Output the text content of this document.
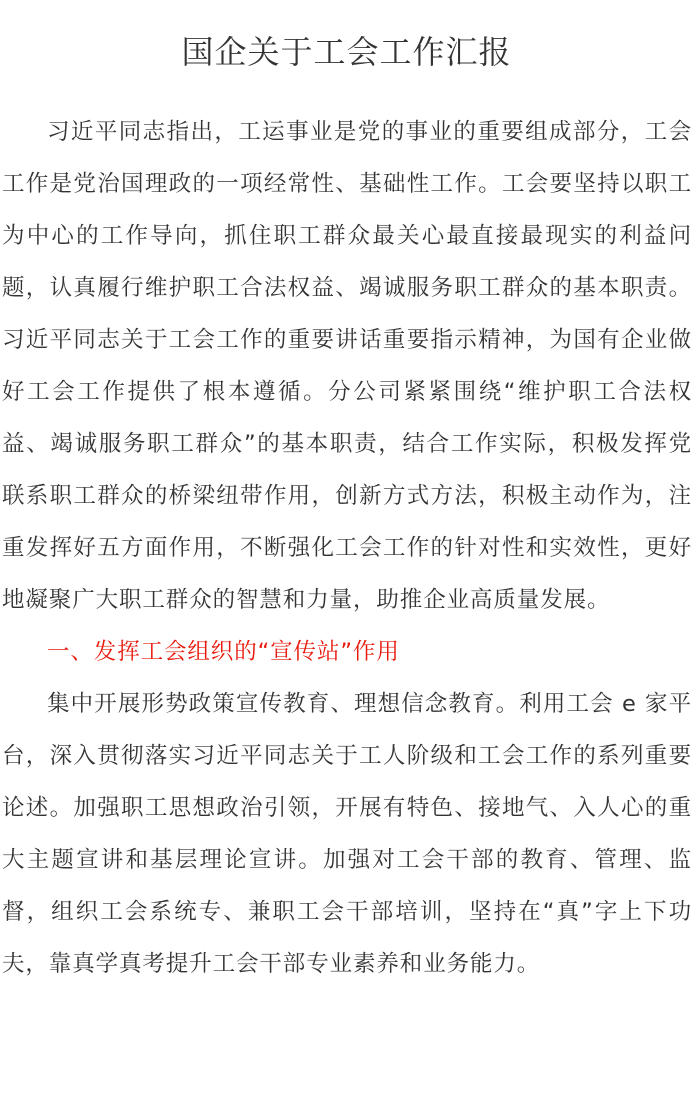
国企关于工会工作汇报

习近平同志指出，工运事业是党的事业的重要组成部分，工会工作是党治国理政的一项经常性、基础性工作。工会要坚持以职工为中心的工作导向，抓住职工群众最关心最直接最现实的利益问题，认真履行维护职工合法权益、竭诚服务职工群众的基本职责。习近平同志关于工会工作的重要讲话重要指示精神，为国有企业做好工会工作提供了根本遵循。分公司紧紧围绕“维护职工合法权益、竭诚服务职工群众”的基本职责，结合工作实际，积极发挥党联系职工群众的桥梁纽带作用，创新方式方法，积极主动作为，注重发挥好五方面作用，不断强化工会工作的针对性和实效性，更好地凝聚广大职工群众的智慧和力量，助推企业高质量发展。

一、发挥工会组织的“宣传站”作用

集中开展形势政策宣传教育、理想信念教育。利用工会 e 家平台，深入贯彻落实习近平同志关于工人阶级和工会工作的系列重要论述。加强职工思想政治引领，开展有特色、接地气、入人心的重大主题宣讲和基层理论宣讲。加强对工会干部的教育、管理、监督，组织工会系统专、兼职工会干部培训，坚持在“真”字上下功夫，靠真学真考提升工会干部专业素养和业务能力。
